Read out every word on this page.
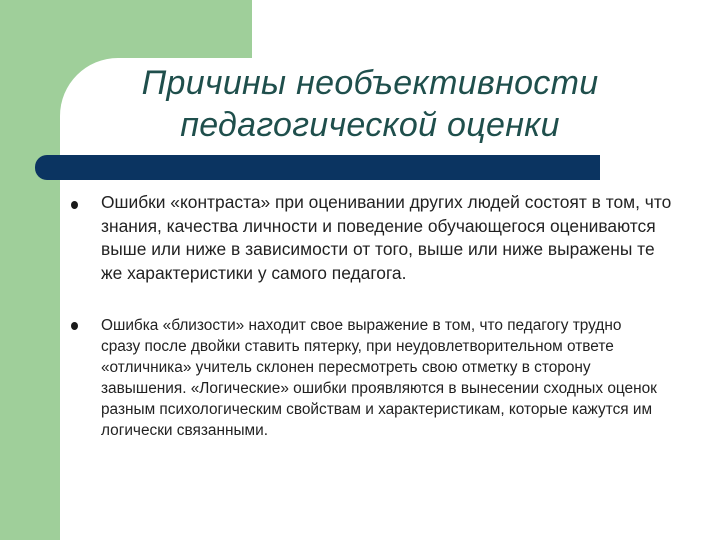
Причины необъективности педагогической оценки

Ошибки «контраста» при оценивании других людей состоят в том, что знания, качества личности и поведение обучающегося оцениваются выше или ниже в зависимости от того, выше или ниже выражены те же характеристики у самого педагога.

Ошибка «близости» находит свое выражение в том, что педагогу трудно сразу после двойки ставить пятерку, при неудовлетворительном ответе «отличника» учитель склонен пересмотреть свою отметку в сторону завышения. «Логические» ошибки проявляются в вынесении сходных оценок разным психологическим свойствам и характеристикам, которые кажутся им логически связанными.
